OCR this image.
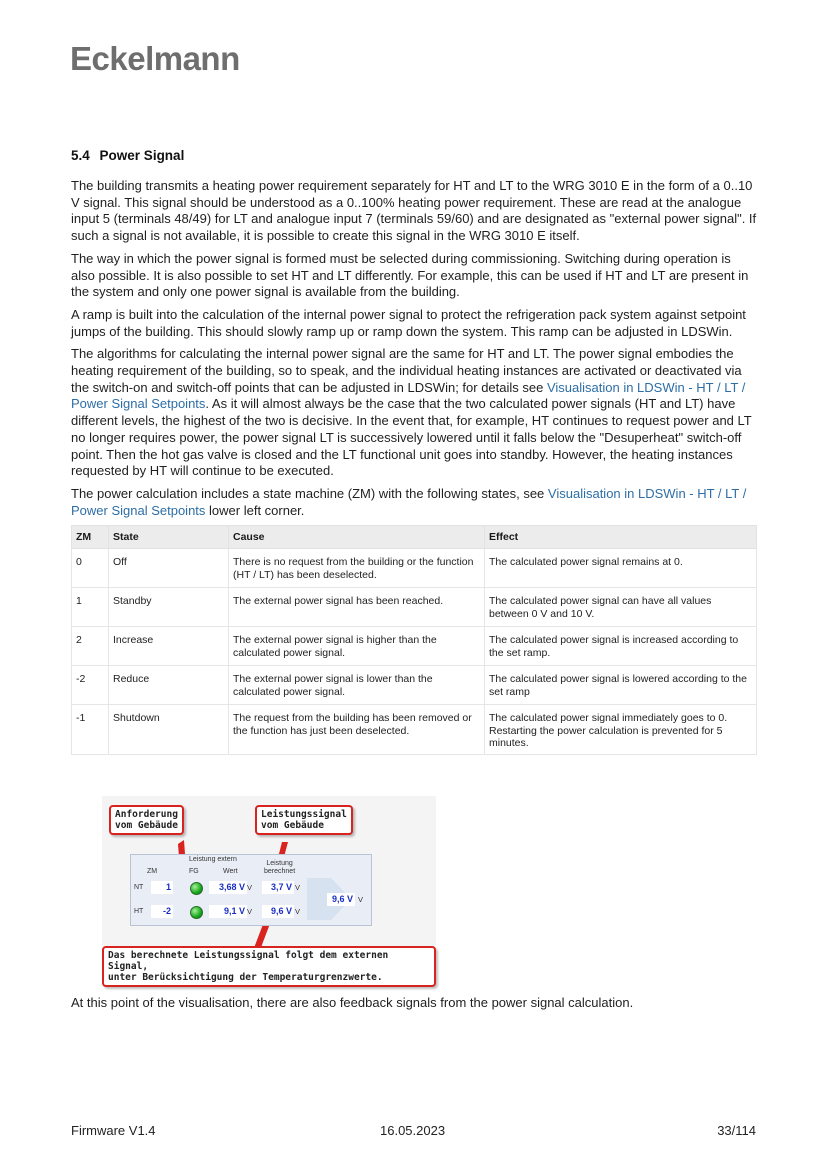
Eckelmann
5.4 Power Signal

The building transmits a heating power requirement separately for HT and LT to the WRG 3010 E in the form of a 0..10 V signal. This signal should be understood as a 0..100% heating power requirement. These are read at the analogue input 5 (terminals 48/49) for LT and analogue input 7 (terminals 59/60) and are designated as "external power signal". If such a signal is not available, it is possible to create this signal in the WRG 3010 E itself.

The way in which the power signal is formed must be selected during commissioning. Switching during operation is also possible. It is also possible to set HT and LT differently. For example, this can be used if HT and LT are present in the system and only one power signal is available from the building.

A ramp is built into the calculation of the internal power signal to protect the refrigeration pack system against setpoint jumps of the building. This should slowly ramp up or ramp down the system. This ramp can be adjusted in LDSWin.

The algorithms for calculating the internal power signal are the same for HT and LT. The power signal embodies the heating requirement of the building, so to speak, and the individual heating instances are activated or deactivated via the switch-on and switch-off points that can be adjusted in LDSWin; for details see Visualisation in LDSWin - HT / LT / Power Signal Setpoints. As it will almost always be the case that the two calculated power signals (HT and LT) have different levels, the highest of the two is decisive. In the event that, for example, HT continues to request power and LT no longer requires power, the power signal LT is successively lowered until it falls below the "Desuperheat" switch-off point. Then the hot gas valve is closed and the LT functional unit goes into standby. However, the heating instances requested by HT will continue to be executed.

The power calculation includes a state machine (ZM) with the following states, see Visualisation in LDSWin - HT / LT / Power Signal Setpoints lower left corner.

ZM	State	Cause	Effect
0	Off	There is no request from the building or the function (HT / LT) has been deselected.	The calculated power signal remains at 0.
1	Standby	The external power signal has been reached.	The calculated power signal can have all values between 0 V and 10 V.
2	Increase	The external power signal is higher than the calculated power signal.	The calculated power signal is increased according to the set ramp.
-2	Reduce	The external power signal is lower than the calculated power signal.	The calculated power signal is lowered according to the set ramp
-1	Shutdown	The request from the building has been removed or the function has just been deselected.	The calculated power signal immediately goes to 0. Restarting the power calculation is prevented for 5 minutes.
Anforderung
vom Gebäude
Leistungssignal
vom Gebäude
Leistung extern
Leistung
berechnet
ZM	FG	Wert
NT	1	3,68 V V	3,7 V V
HT	-2	9,1 V V	9,6 V V
9,6 V V
Das berechnete Leistungssignal folgt dem externen Signal,
unter Berücksichtigung der Temperaturgrenzwerte.

At this point of the visualisation, there are also feedback signals from the power signal calculation.

Firmware V1.4	16.05.2023	33/114
